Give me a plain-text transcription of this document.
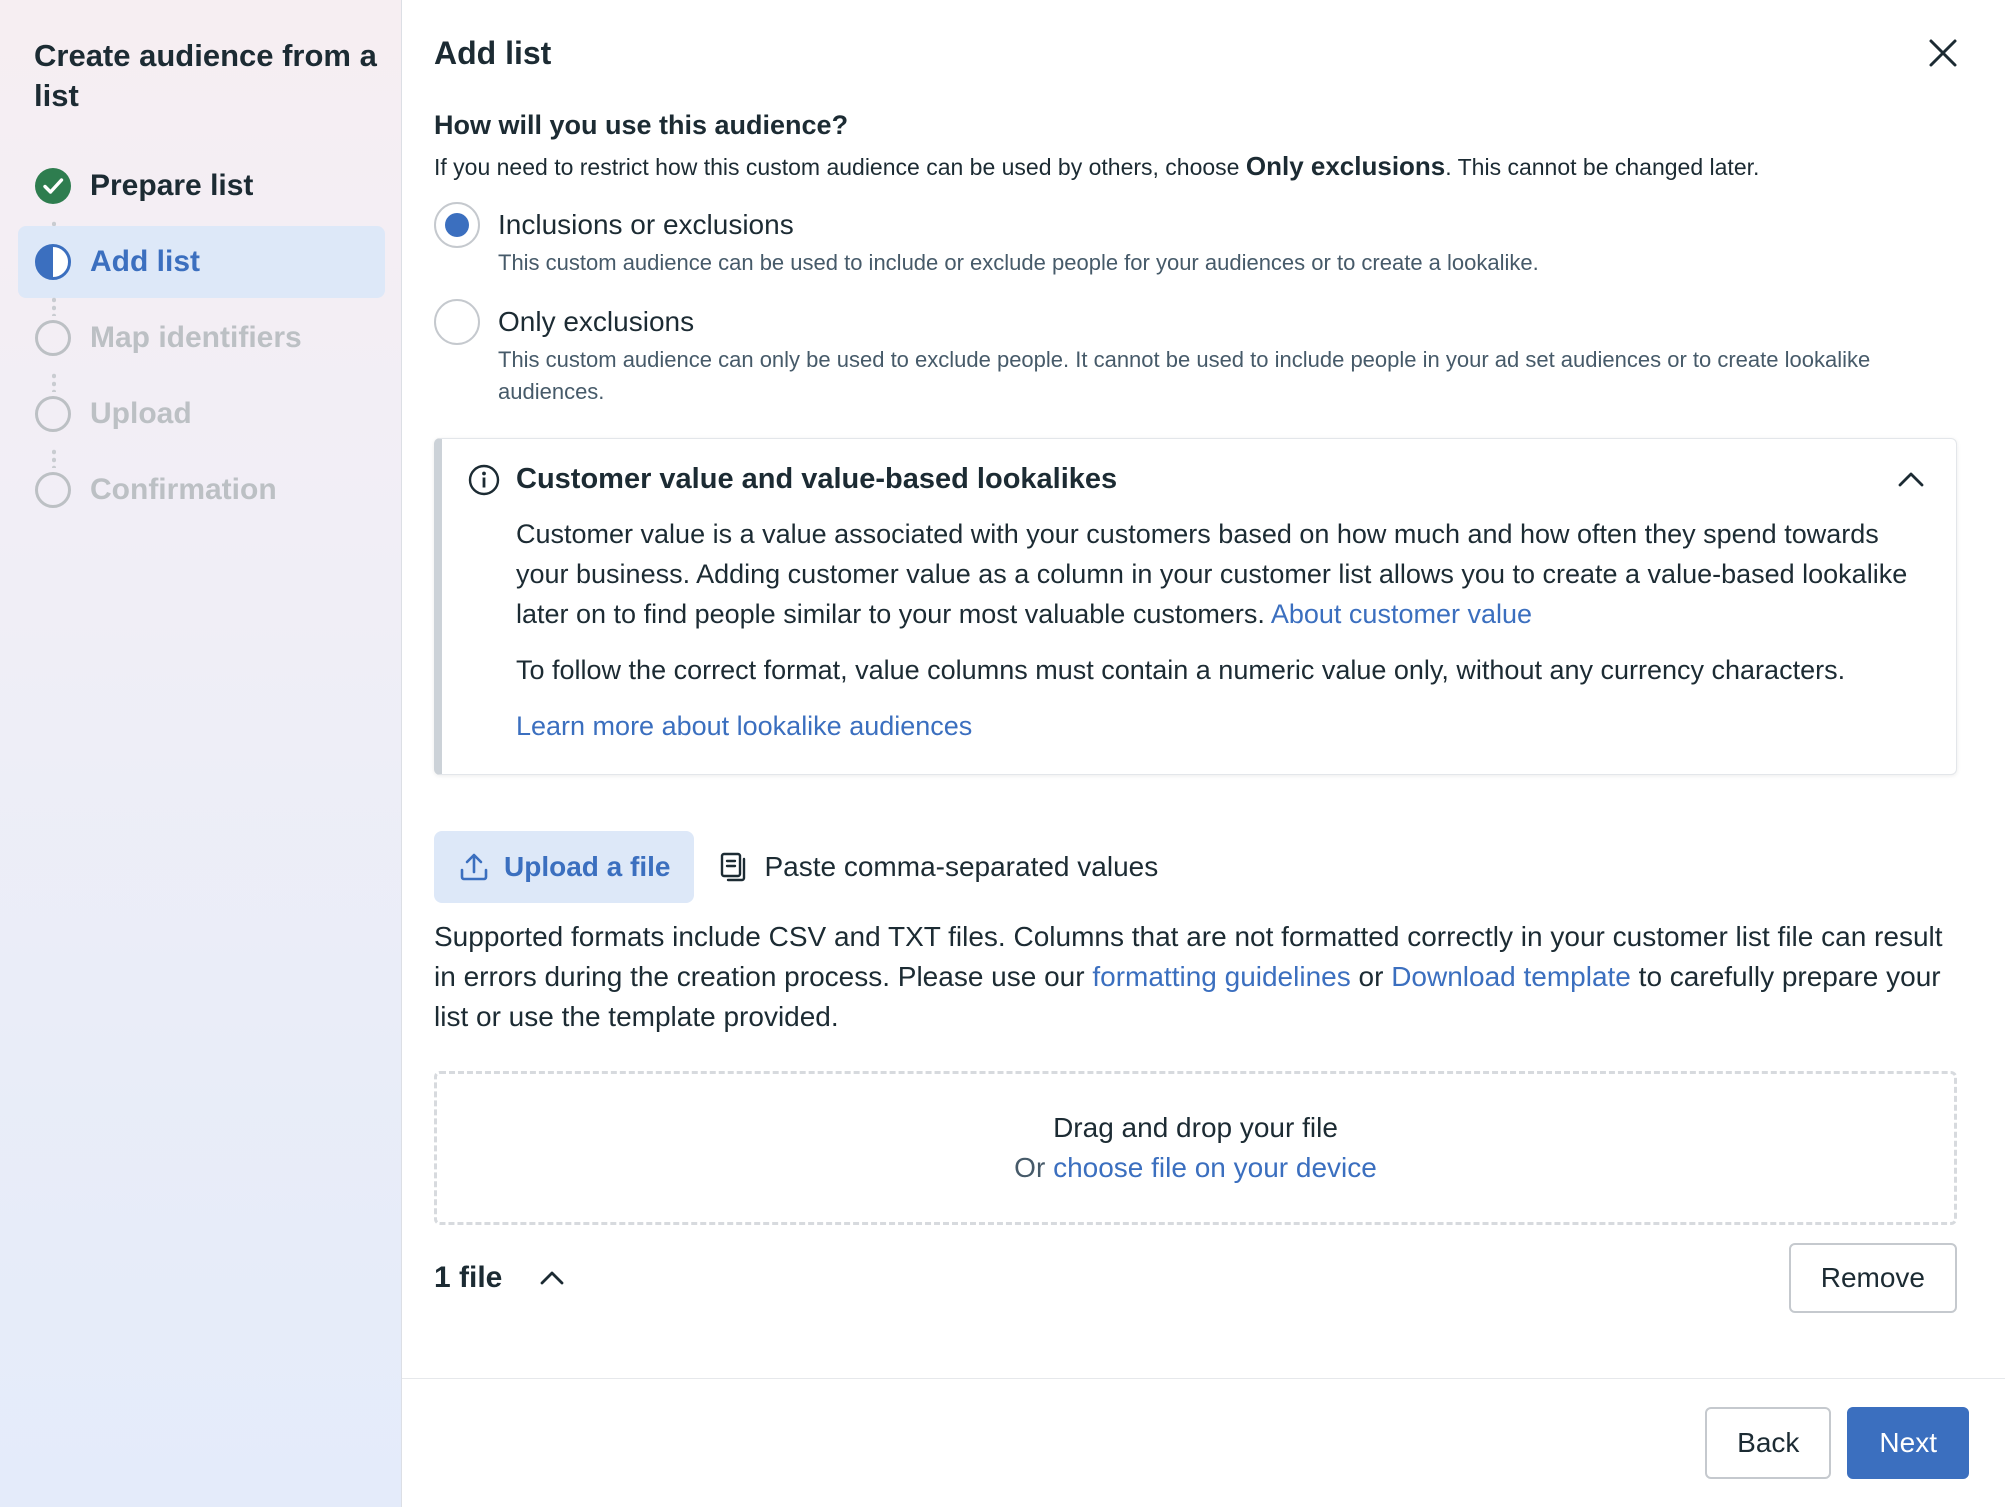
Create audience from a list
Prepare list
Add list
Map identifiers
Upload
Confirmation
Add list
How will you use this audience?
If you need to restrict how this custom audience can be used by others, choose Only exclusions. This cannot be changed later.
Inclusions or exclusions
This custom audience can be used to include or exclude people for your audiences or to create a lookalike.
Only exclusions
This custom audience can only be used to exclude people. It cannot be used to include people in your ad set audiences or to create lookalike audiences.
Customer value and value-based lookalikes

Customer value is a value associated with your customers based on how much and how often they spend towards your business. Adding customer value as a column in your customer list allows you to create a value-based lookalike later on to find people similar to your most valuable customers. About customer value

To follow the correct format, value columns must contain a numeric value only, without any currency characters.

Learn more about lookalike audiences
Upload a file	Paste comma-separated values
Supported formats include CSV and TXT files. Columns that are not formatted correctly in your customer list file can result in errors during the creation process. Please use our formatting guidelines or Download template to carefully prepare your list or use the template provided.
Drag and drop your file
Or choose file on your device
1 file	Remove
Back	Next
